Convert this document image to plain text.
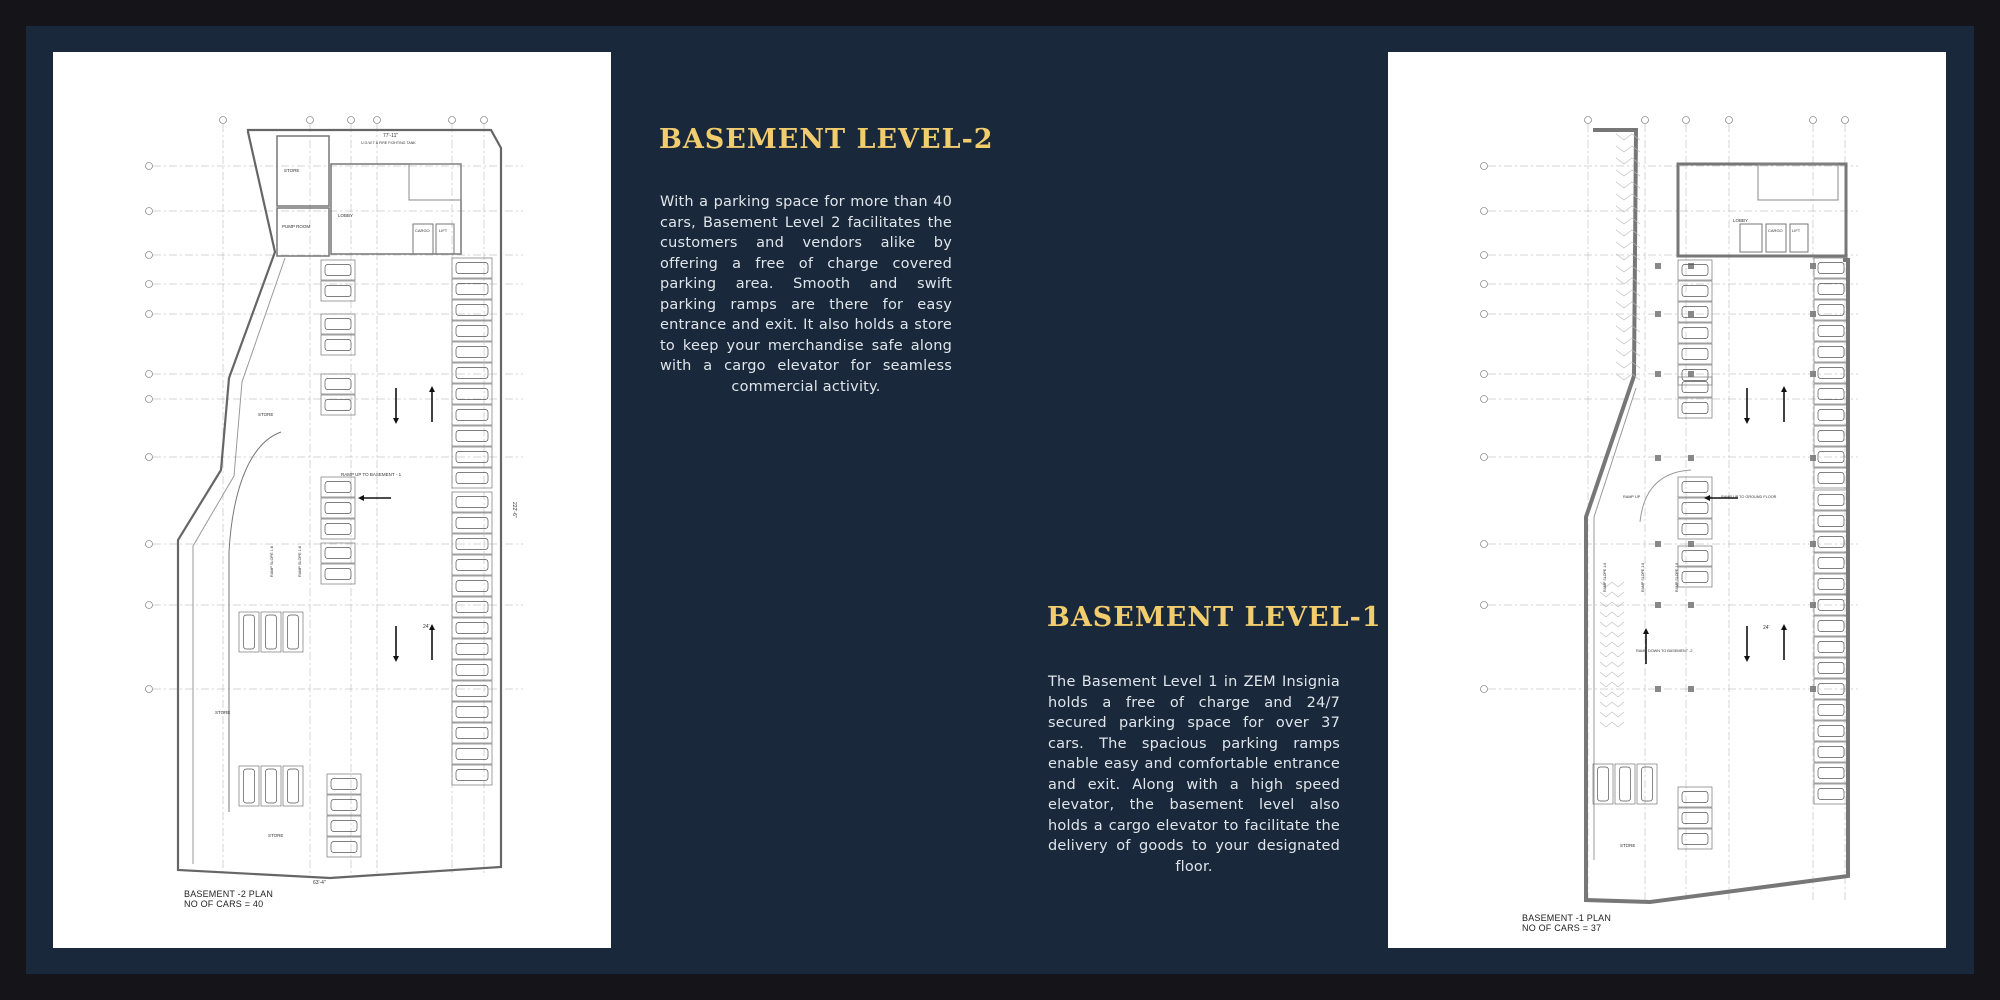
STORE
PUMP ROOM
LOBBY
U.G.W.T & FIRE FIGHTING TANK
CARGO LIFT
RAMP UP TO BASEMENT - 1
RAMP SLOPE 1:8	RAMP SLOPE 1:8
STORE
STORE
STORE
77'-11"
63'-4"
222'-6"
24'
BASEMENT -2 PLAN
NO OF CARS = 40
BASEMENT LEVEL-2

With a parking space for more than 40 cars, Basement Level 2 facilitates the customers and vendors alike by offering a free of charge covered parking area. Smooth and swift parking ramps are there for easy entrance and exit. It also holds a store to keep your merchandise safe along with a cargo elevator for seamless commercial activity.

BASEMENT LEVEL-1

The Basement Level 1 in ZEM Insignia holds a free of charge and 24/7 secured parking space for over 37 cars. The spacious parking ramps enable easy and comfortable entrance and exit. Along with a high speed elevator, the basement level also holds a cargo elevator to facilitate the delivery of goods to your designated floor.

LOBBY
CARGO LIFT
RAMP UP	RAMP UP TO GROUND FLOOR
RAMP DOWN TO BASEMENT -2
RAMP SLOPE 1:8	RAMP SLOPE 1:8	RAMP SLOPE 1:8
STORE
24'
BASEMENT -1 PLAN
NO OF CARS = 37
